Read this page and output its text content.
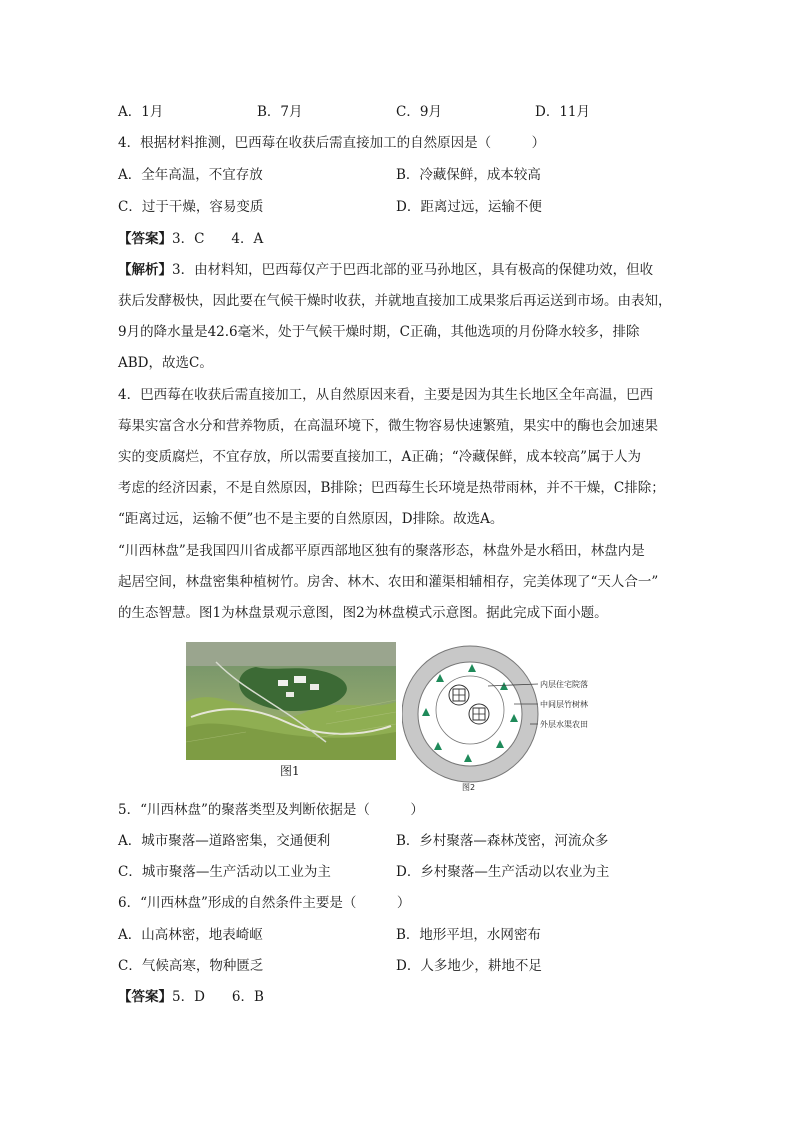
A．1月	B．7月	C．9月	D．11月
4．根据材料推测，巴西莓在收获后需直接加工的自然原因是（　　　）
A．全年高温，不宜存放	B．冷藏保鲜，成本较高
C．过于干燥，容易变质	D．距离过远，运输不便
【答案】3．C　　4．A
【解析】3．由材料知，巴西莓仅产于巴西北部的亚马孙地区，具有极高的保健功效，但收
获后发酵极快，因此要在气候干燥时收获，并就地直接加工成果浆后再运送到市场。由表知，
9月的降水量是42.6毫米，处于气候干燥时期，C正确，其他选项的月份降水较多，排除
ABD，故选C。
4．巴西莓在收获后需直接加工，从自然原因来看，主要是因为其生长地区全年高温，巴西
莓果实富含水分和营养物质，在高温环境下，微生物容易快速繁殖，果实中的酶也会加速果
实的变质腐烂，不宜存放，所以需要直接加工，A正确；“冷藏保鲜，成本较高”属于人为
考虑的经济因素，不是自然原因，B排除；巴西莓生长环境是热带雨林，并不干燥，C排除；
“距离过远，运输不便”也不是主要的自然原因，D排除。故选A。
“川西林盘”是我国四川省成都平原西部地区独有的聚落形态，林盘外是水稻田，林盘内是
起居空间，林盘密集种植树竹。房舍、林木、农田和灌渠相辅相存，完美体现了“天人合一”
的生态智慧。图1为林盘景观示意图，图2为林盘模式示意图。据此完成下面小题。
图1
内层住宅院落
中间层竹树林
外层水渠农田
图2
5．“川西林盘”的聚落类型及判断依据是（　　　）
A．城市聚落—道路密集，交通便利	B．乡村聚落—森林茂密，河流众多
C．城市聚落—生产活动以工业为主	D．乡村聚落—生产活动以农业为主
6．“川西林盘”形成的自然条件主要是（　　　）
A．山高林密，地表崎岖	B．地形平坦，水网密布
C．气候高寒，物种匮乏	D．人多地少，耕地不足
【答案】5．D　　6．B
